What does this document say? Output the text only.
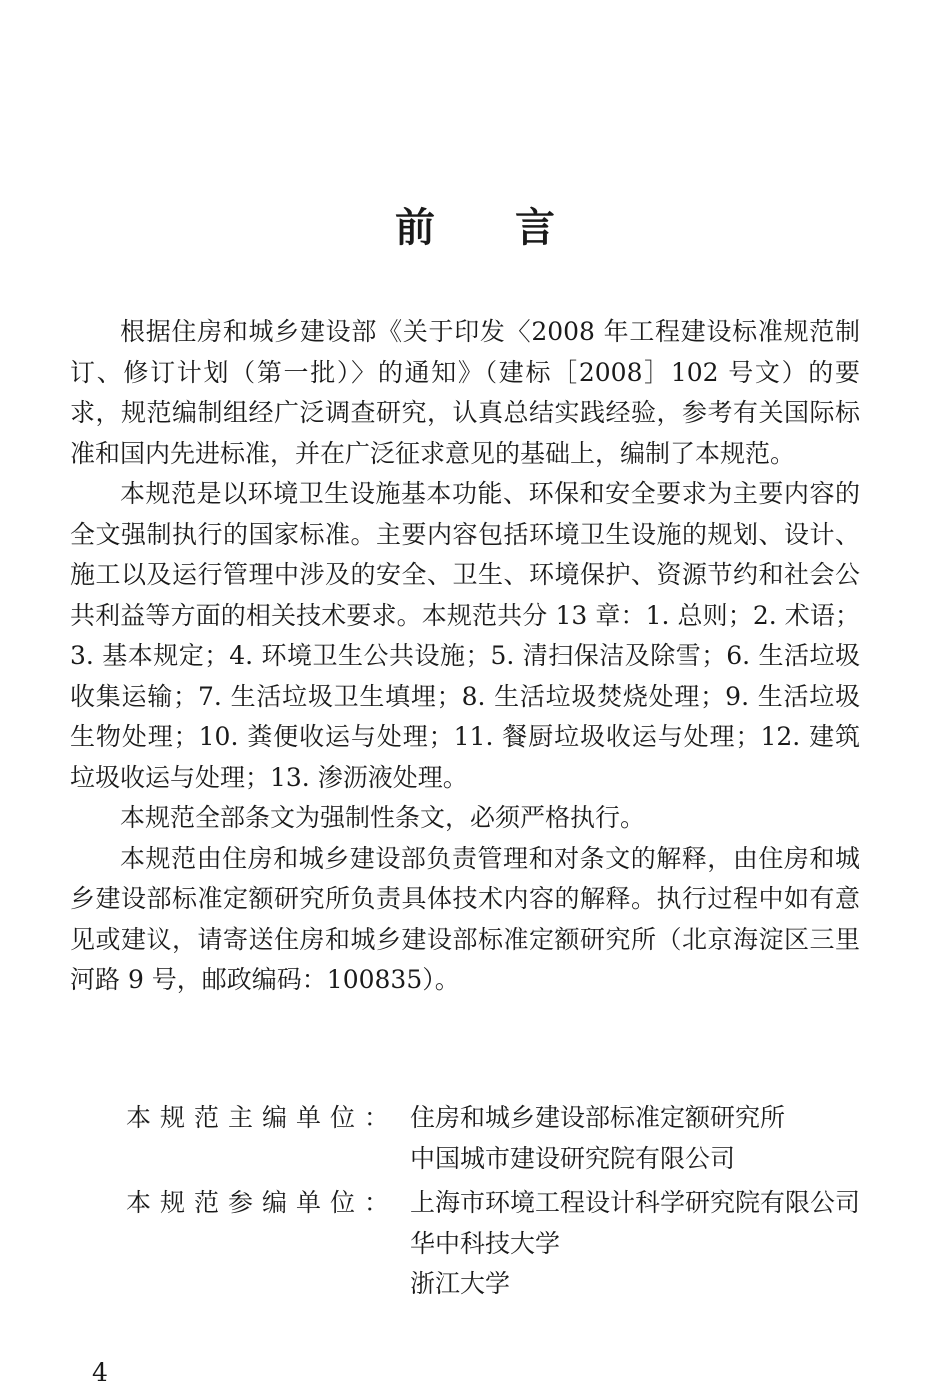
前 言

根据住房和城乡建设部《关于印发〈2008 年工程建设标准规范制订、修订计划（第一批）〉的通知》（建标［2008］102 号文）的要求，规范编制组经广泛调查研究，认真总结实践经验，参考有关国际标准和国内先进标准，并在广泛征求意见的基础上，编制了本规范。

本规范是以环境卫生设施基本功能、环保和安全要求为主要内容的全文强制执行的国家标准。主要内容包括环境卫生设施的规划、设计、施工以及运行管理中涉及的安全、卫生、环境保护、资源节约和社会公共利益等方面的相关技术要求。本规范共分 13 章：1. 总则；2. 术语；3. 基本规定；4. 环境卫生公共设施；5. 清扫保洁及除雪；6. 生活垃圾收集运输；7. 生活垃圾卫生填埋；8. 生活垃圾焚烧处理；9. 生活垃圾生物处理；10. 粪便收运与处理；11. 餐厨垃圾收运与处理；12. 建筑垃圾收运与处理；13. 渗沥液处理。

本规范全部条文为强制性条文，必须严格执行。

本规范由住房和城乡建设部负责管理和对条文的解释，由住房和城乡建设部标准定额研究所负责具体技术内容的解释。执行过程中如有意见或建议，请寄送住房和城乡建设部标准定额研究所（北京海淀区三里河路 9 号，邮政编码：100835）。

本规范主编单位： 住房和城乡建设部标准定额研究所
中国城市建设研究院有限公司
本规范参编单位： 上海市环境工程设计科学研究院有限公司
华中科技大学
浙江大学
4
